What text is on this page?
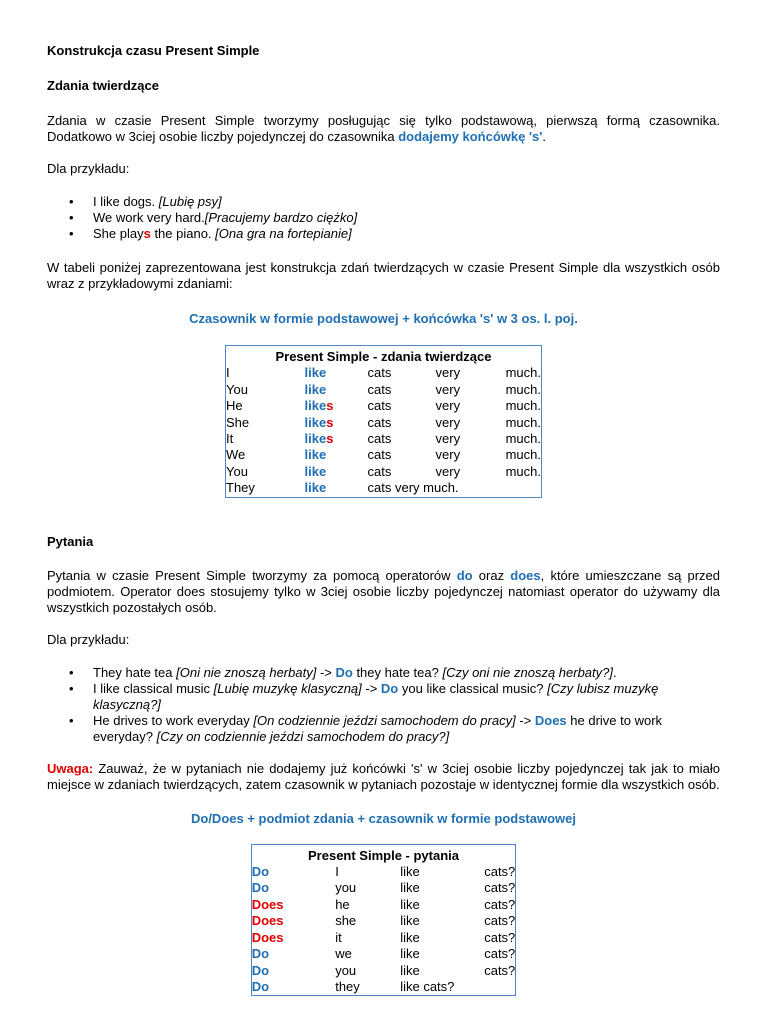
Konstrukcja czasu Present Simple

Zdania twierdzące

Zdania w czasie Present Simple tworzymy posługując się tylko podstawową, pierwszą formą czasownika. Dodatkowo w 3ciej osobie liczby pojedynczej do czasownika dodajemy końcówkę 's'.

Dla przykładu:

• I like dogs. [Lubię psy]
• We work very hard.[Pracujemy bardzo ciężko]
• She plays the piano. [Ona gra na fortepianie]

W tabeli poniżej zaprezentowana jest konstrukcja zdań twierdzących w czasie Present Simple dla wszystkich osób wraz z przykładowymi zdaniami:

Czasownik w formie podstawowej + końcówka 's' w 3 os. l. poj.

Present Simple - zdania twierdzące				
I	like	cats	very	much.
You	like	cats	very	much.
He	likes	cats	very	much.
She	likes	cats	very	much.
It	likes	cats	very	much.
We	like	cats	very	much.
You	like	cats	very	much.
They	like	cats very much.		

Pytania

Pytania w czasie Present Simple tworzymy za pomocą operatorów do oraz does, które umieszczane są przed podmiotem. Operator does stosujemy tylko w 3ciej osobie liczby pojedynczej natomiast operator do używamy dla wszystkich pozostałych osób.

Dla przykładu:

• They hate tea [Oni nie znoszą herbaty] -> Do they hate tea? [Czy oni nie znoszą herbaty?].
• I like classical music [Lubię muzykę klasyczną] -> Do you like classical music? [Czy lubisz muzykę klasyczną?]
• He drives to work everyday [On codziennie jeździ samochodem do pracy] -> Does he drive to work everyday? [Czy on codziennie jeździ samochodem do pracy?]

Uwaga: Zauważ, że w pytaniach nie dodajemy już końcówki 's' w 3ciej osobie liczby pojedynczej tak jak to miało miejsce w zdaniach twierdzących, zatem czasownik w pytaniach pozostaje w identycznej formie dla wszystkich osób.

Do/Does + podmiot zdania + czasownik w formie podstawowej

Present Simple - pytania			
Do	I	like	cats?
Do	you	like	cats?
Does	he	like	cats?
Does	she	like	cats?
Does	it	like	cats?
Do	we	like	cats?
Do	you	like	cats?
Do	they	like cats?	
